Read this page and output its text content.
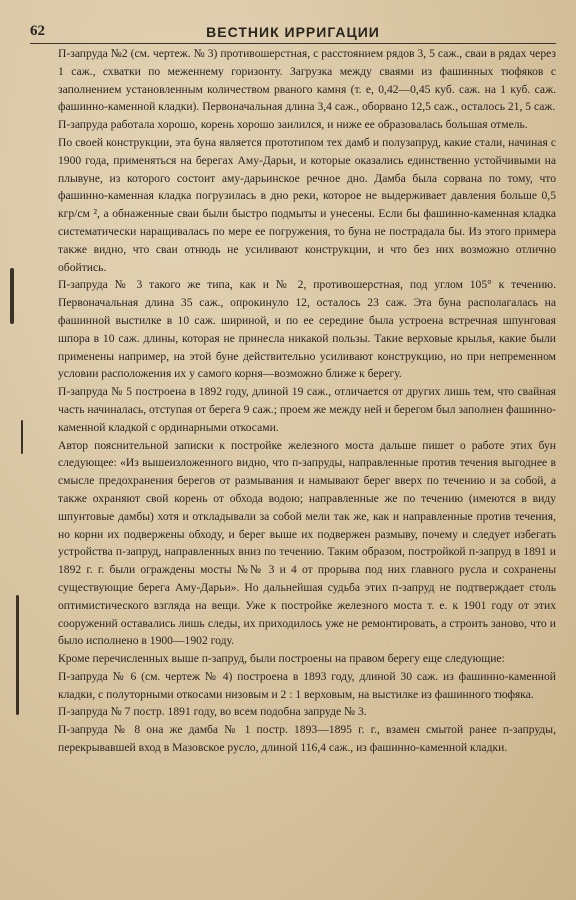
62	ВЕСТНИК ИРРИГАЦИИ

П-запруда №2 (см. чертеж. № 3) противошерстная, с расстоянием рядов 3, 5 саж., сваи в рядах через 1 саж., схватки по меженнему горизонту. Загрузка между сваями из фашинных тюфяков с заполнением установленным количеством рваного камня (т. е, 0,42—0,45 куб. саж. на 1 куб. саж. фашинно-каменной кладки). Первоначальная длина 3,4 саж., оборвано 12,5 саж., осталось 21, 5 саж.

П-запруда работала хорошо, корень хорошо заилился, и ниже ее образовалась большая отмель.

По своей конструкции, эта буна является прототипом тех дамб и полузапруд, какие стали, начиная с 1900 года, применяться на берегах Аму-Дарьи, и которые оказались единственно устойчивыми на плывуне, из которого состоит аму-дарьинское речное дно. Дамба была сорвана по тому, что фашинно-каменная кладка погрузилась в дно реки, которое не выдерживает давления больше 0,5 кгр/см ², а обнаженные сваи были быстро подмыты и унесены. Если бы фашинно-каменная кладка систематически наращивалась по мере ее погружения, то буна не пострадала бы. Из этого примера также видно, что сваи отнюдь не усиливают конструкции, и что без них возможно отлично обойтись.

П-запруда № 3 такого же типа, как и № 2, противошерстная, под углом 105° к течению. Первоначальная длина 35 саж., опрокинуло 12, осталось 23 саж. Эта буна располагалась на фашинной выстилке в 10 саж. шириной, и по ее середине была устроена встречная шпунговая шпора в 10 саж. длины, которая не принесла никакой пользы. Такие верховые крылья, какие были применены например, на этой буне действительно усиливают конструкцию, но при непременном условии расположения их у самого корня—возможно ближе к берегу.

П-запруда № 5 построена в 1892 году, длиной 19 саж., отличается от других лишь тем, что свайная часть начиналась, отступая от берега 9 саж.; проем же между ней и берегом был заполнен фашинно-каменной кладкой с ординарными откосами.

Автор пояснительной записки к постройке железного моста дальше пишет о работе этих бун следующее: «Из вышеизложенного видно, что п-запруды, направленные против течения выгоднее в смысле предохранения берегов от размывания и намывают берег вверх по течению и за собой, а также охраняют свой корень от обхода водою; направленные же по течению (имеются в виду шпунтовые дамбы) хотя и откладывали за собой мели так же, как и направленные против течения, но корни их подвержены обходу, и берег выше их подвержен размыву, почему и следует избегать устройства п-запруд, направленных вниз по течению. Таким образом, постройкой п-запруд в 1891 и 1892 г. г. были ограждены мосты №№ 3 и 4 от прорыва под них главного русла и сохранены существующие берега Аму-Дарьи». Но дальнейшая судьба этих п-запруд не подтверждает столь оптимистического взгляда на вещи. Уже к постройке железного моста т. е. к 1901 году от этих сооружений оставались лишь следы, их приходилось уже не ремонтировать, а строить заново, что и было исполнено в 1900—1902 году.

Кроме перечисленных выше п-запруд, были построены на правом берегу еще следующие:

П-запруда № 6 (см. чертеж № 4) построена в 1893 году, длиной 30 саж. из фашинно-каменной кладки, с полуторными откосами низовым и 2 : 1 верховым, на выстилке из фашинного тюфяка.

П-запруда № 7 постр. 1891 году, во всем подобна запруде № 3.

П-запруда № 8 она же дамба № 1 постр. 1893—1895 г. г., взамен смытой ранее п-запруды, перекрывавшей вход в Мазовское русло, длиной 116,4 саж., из фашинно-каменной кладки.
